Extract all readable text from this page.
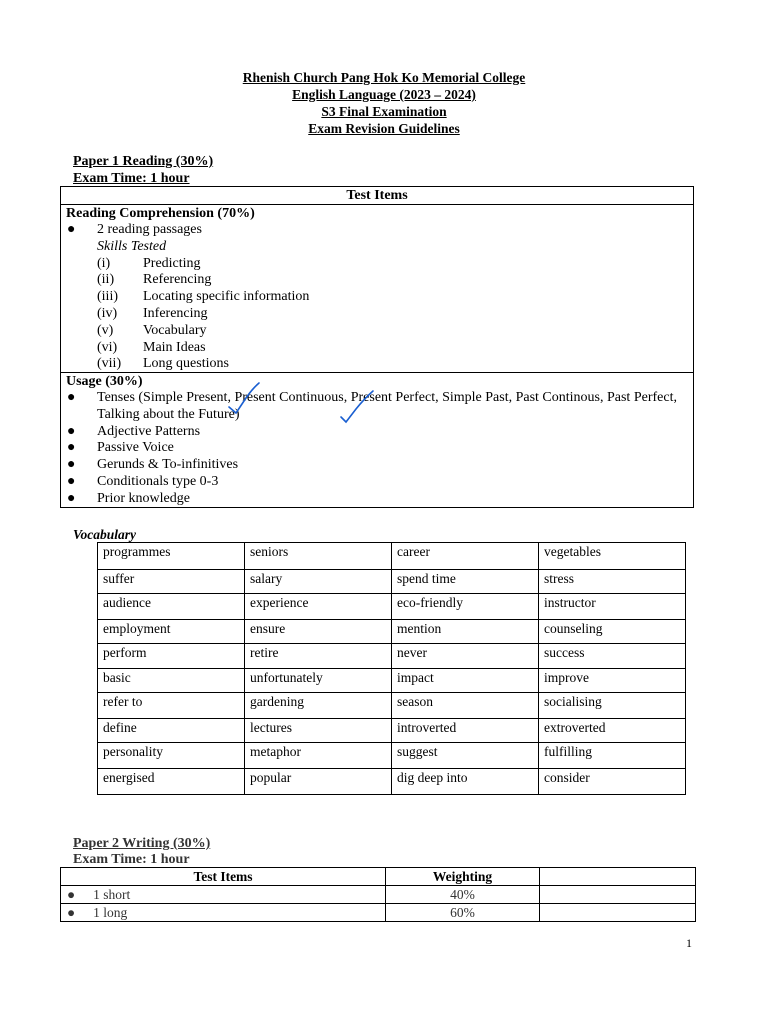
Rhenish Church Pang Hok Ko Memorial College
English Language (2023 – 2024)
S3 Final Examination
Exam Revision Guidelines
Paper 1 Reading (30%)
Exam Time: 1 hour
Test Items
Reading Comprehension (70%)
●	2 reading passages
Skills Tested
(i)	Predicting
(ii)	Referencing
(iii)	Locating specific information
(iv)	Inferencing
(v)	Vocabulary
(vi)	Main Ideas
(vii)	Long questions
Usage (30%)
●	Tenses (Simple Present, Present Continuous, Present Perfect, Simple Past, Past Continous, Past Perfect, Talking about the Future)
●	Adjective Patterns
●	Passive Voice
●	Gerunds & To-infinitives
●	Conditionals type 0-3
●	Prior knowledge
Vocabulary
programmes	seniors	career	vegetables
suffer	salary	spend time	stress
audience	experience	eco-friendly	instructor
employment	ensure	mention	counseling
perform	retire	never	success
basic	unfortunately	impact	improve
refer to	gardening	season	socialising
define	lectures	introverted	extroverted
personality	metaphor	suggest	fulfilling
energised	popular	dig deep into	consider
Paper 2 Writing (30%)
Exam Time: 1 hour
Test Items	Weighting	
● 1 short	40%	
● 1 long	60%	
1
